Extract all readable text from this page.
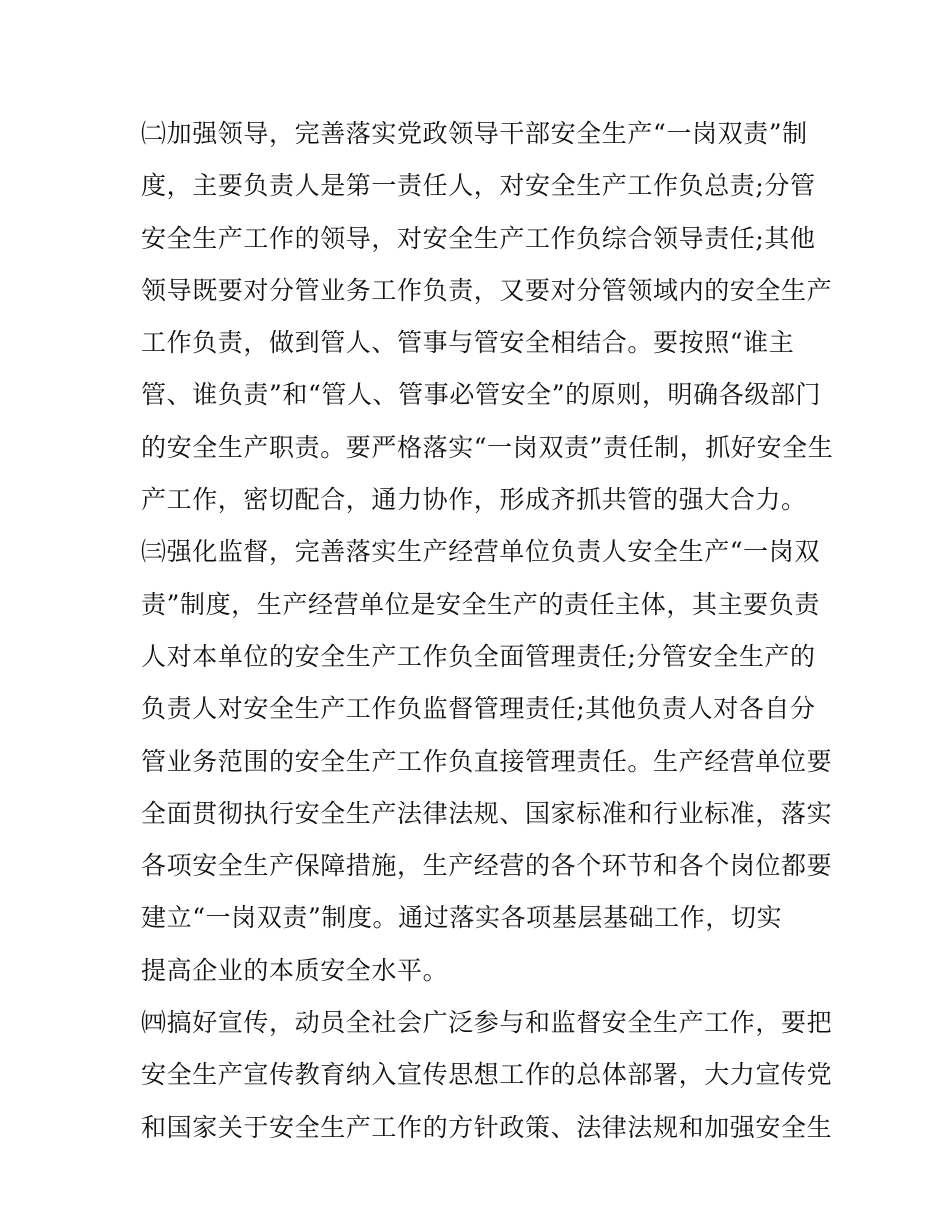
㈡加强领导，完善落实党政领导干部安全生产“一岗双责”制
度，主要负责人是第一责任人，对安全生产工作负总责;分管
安全生产工作的领导，对安全生产工作负综合领导责任;其他
领导既要对分管业务工作负责，又要对分管领域内的安全生产
工作负责，做到管人、管事与管安全相结合。要按照“谁主
管、谁负责”和“管人、管事必管安全”的原则，明确各级部门
的安全生产职责。要严格落实“一岗双责”责任制，抓好安全生
产工作，密切配合，通力协作，形成齐抓共管的强大合力。
㈢强化监督，完善落实生产经营单位负责人安全生产“一岗双
责”制度，生产经营单位是安全生产的责任主体，其主要负责
人对本单位的安全生产工作负全面管理责任;分管安全生产的
负责人对安全生产工作负监督管理责任;其他负责人对各自分
管业务范围的安全生产工作负直接管理责任。生产经营单位要
全面贯彻执行安全生产法律法规、国家标准和行业标准，落实
各项安全生产保障措施，生产经营的各个环节和各个岗位都要
建立“一岗双责”制度。通过落实各项基层基础工作，切实
提高企业的本质安全水平。
㈣搞好宣传，动员全社会广泛参与和监督安全生产工作，要把
安全生产宣传教育纳入宣传思想工作的总体部署，大力宣传党
和国家关于安全生产工作的方针政策、法律法规和加强安全生
